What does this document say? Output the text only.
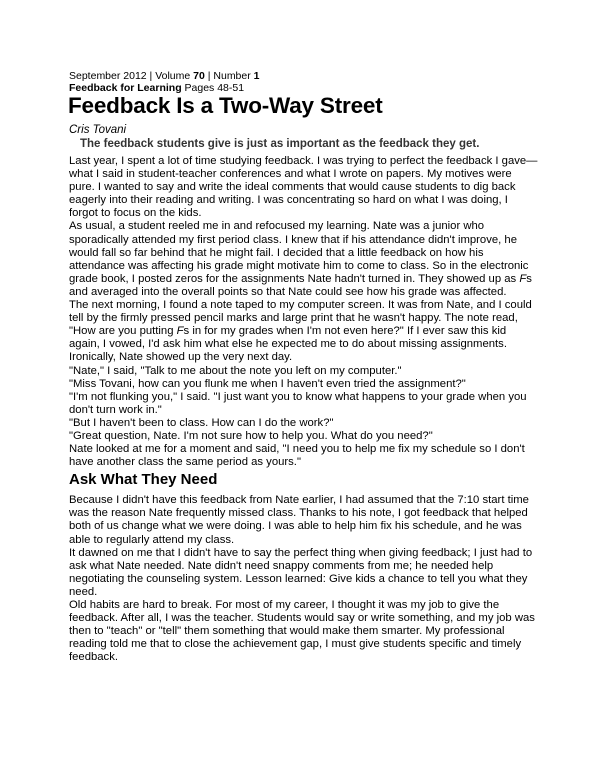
September 2012 | Volume 70 | Number 1
Feedback for Learning Pages 48-51
Feedback Is a Two-Way Street
Cris Tovani
The feedback students give is just as important as the feedback they get.

Last year, I spent a lot of time studying feedback. I was trying to perfect the feedback I gave—what I said in student-teacher conferences and what I wrote on papers. My motives were pure. I wanted to say and write the ideal comments that would cause students to dig back eagerly into their reading and writing. I was concentrating so hard on what I was doing, I forgot to focus on the kids.

As usual, a student reeled me in and refocused my learning. Nate was a junior who sporadically attended my first period class. I knew that if his attendance didn't improve, he would fall so far behind that he might fail. I decided that a little feedback on how his attendance was affecting his grade might motivate him to come to class. So in the electronic grade book, I posted zeros for the assignments Nate hadn't turned in. They showed up as Fs and averaged into the overall points so that Nate could see how his grade was affected.

The next morning, I found a note taped to my computer screen. It was from Nate, and I could tell by the firmly pressed pencil marks and large print that he wasn't happy. The note read, "How are you putting Fs in for my grades when I'm not even here?" If I ever saw this kid again, I vowed, I'd ask him what else he expected me to do about missing assignments. Ironically, Nate showed up the very next day.

"Nate," I said, "Talk to me about the note you left on my computer."

"Miss Tovani, how can you flunk me when I haven't even tried the assignment?"

"I'm not flunking you," I said. "I just want you to know what happens to your grade when you don't turn work in."

"But I haven't been to class. How can I do the work?"

"Great question, Nate. I'm not sure how to help you. What do you need?"

Nate looked at me for a moment and said, "I need you to help me fix my schedule so I don't have another class the same period as yours."

Ask What They Need

Because I didn't have this feedback from Nate earlier, I had assumed that the 7:10 start time was the reason Nate frequently missed class. Thanks to his note, I got feedback that helped both of us change what we were doing. I was able to help him fix his schedule, and he was able to regularly attend my class.

It dawned on me that I didn't have to say the perfect thing when giving feedback; I just had to ask what Nate needed. Nate didn't need snappy comments from me; he needed help negotiating the counseling system. Lesson learned: Give kids a chance to tell you what they need.

Old habits are hard to break. For most of my career, I thought it was my job to give the feedback. After all, I was the teacher. Students would say or write something, and my job was then to "teach" or "tell" them something that would make them smarter. My professional reading told me that to close the achievement gap, I must give students specific and timely feedback.
